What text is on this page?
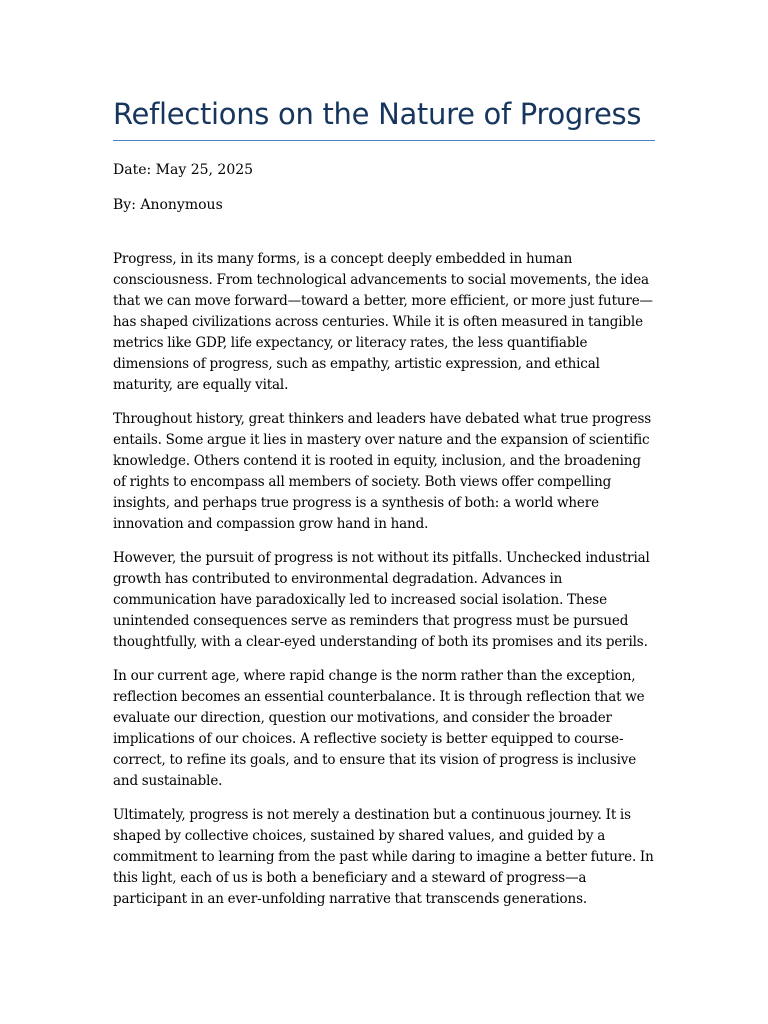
Reflections on the Nature of Progress

Date: May 25, 2025

By: Anonymous

Progress, in its many forms, is a concept deeply embedded in human consciousness. From technological advancements to social movements, the idea that we can move forward—toward a better, more efficient, or more just future—has shaped civilizations across centuries. While it is often measured in tangible metrics like GDP, life expectancy, or literacy rates, the less quantifiable dimensions of progress, such as empathy, artistic expression, and ethical maturity, are equally vital.

Throughout history, great thinkers and leaders have debated what true progress entails. Some argue it lies in mastery over nature and the expansion of scientific knowledge. Others contend it is rooted in equity, inclusion, and the broadening of rights to encompass all members of society. Both views offer compelling insights, and perhaps true progress is a synthesis of both: a world where innovation and compassion grow hand in hand.

However, the pursuit of progress is not without its pitfalls. Unchecked industrial growth has contributed to environmental degradation. Advances in communication have paradoxically led to increased social isolation. These unintended consequences serve as reminders that progress must be pursued thoughtfully, with a clear-eyed understanding of both its promises and its perils.

In our current age, where rapid change is the norm rather than the exception, reflection becomes an essential counterbalance. It is through reflection that we evaluate our direction, question our motivations, and consider the broader implications of our choices. A reflective society is better equipped to course-correct, to refine its goals, and to ensure that its vision of progress is inclusive and sustainable.

Ultimately, progress is not merely a destination but a continuous journey. It is shaped by collective choices, sustained by shared values, and guided by a commitment to learning from the past while daring to imagine a better future. In this light, each of us is both a beneficiary and a steward of progress—a participant in an ever-unfolding narrative that transcends generations.
